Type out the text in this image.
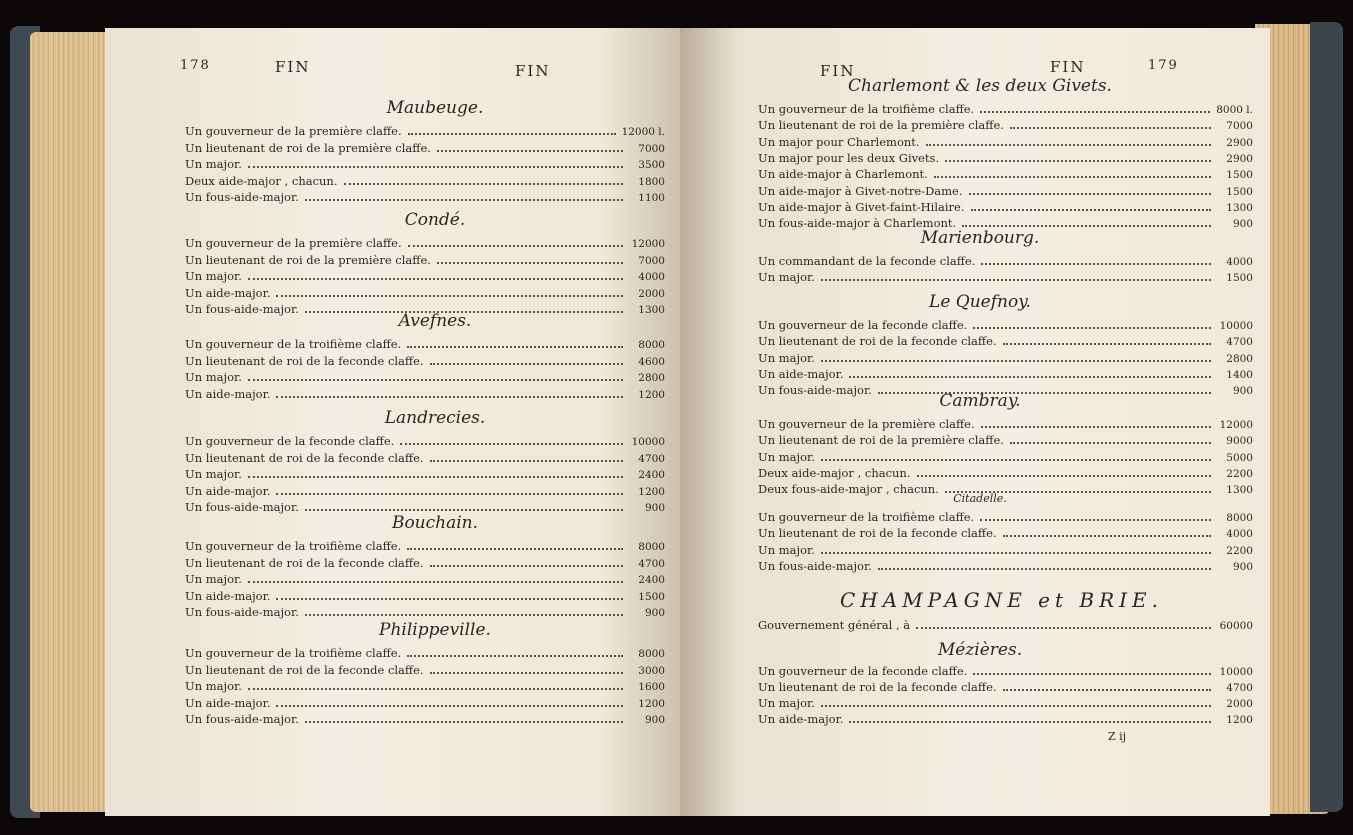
178	FIN	FIN
Maubeuge.
Un gouverneur de la première claffe.	12000 l.
Un lieutenant de roi de la première claffe.	7000
Un major.	3500
Deux aide-major , chacun.	1800
Un fous-aide-major.	1100
Condé.
Un gouverneur de la première claffe.	12000
Un lieutenant de roi de la première claffe.	7000
Un major.	4000
Un aide-major.	2000
Un fous-aide-major.	1300
Avefnes.
Un gouverneur de la troifième claffe.	8000
Un lieutenant de roi de la feconde claffe.	4600
Un major.	2800
Un aide-major.	1200
Landrecies.
Un gouverneur de la feconde claffe.	10000
Un lieutenant de roi de la feconde claffe.	4700
Un major.	2400
Un aide-major.	1200
Un fous-aide-major.	900
Bouchain.
Un gouverneur de la troifième claffe.	8000
Un lieutenant de roi de la feconde claffe.	4700
Un major.	2400
Un aide-major.	1500
Un fous-aide-major.	900
Philippeville.
Un gouverneur de la troifième claffe.	8000
Un lieutenant de roi de la feconde claffe.	3000
Un major.	1600
Un aide-major.	1200
Un fous-aide-major.	900
FIN	FIN	179
CHAMPAGNE et BRIE.
Z ij
Charlemont & les deux Givets.
Un gouverneur de la troifième claffe.	8000 l.
Un lieutenant de roi de la première claffe.	7000
Un major pour Charlemont.	2900
Un major pour les deux Givets.	2900
Un aide-major à Charlemont.	1500
Un aide-major à Givet-notre-Dame.	1500
Un aide-major à Givet-faint-Hilaire.	1300
Un fous-aide-major à Charlemont.	900
Marienbourg.
Un commandant de la feconde claffe.	4000
Un major.	1500
Le Quefnoy.
Un gouverneur de la feconde claffe.	10000
Un lieutenant de roi de la feconde claffe.	4700
Un major.	2800
Un aide-major.	1400
Un fous-aide-major.	900
Cambray.
Un gouverneur de la première claffe.	12000
Un lieutenant de roi de la première claffe.	9000
Un major.	5000
Deux aide-major , chacun.	2200
Deux fous-aide-major , chacun.	1300
Citadelle.
Un gouverneur de la troifième claffe.	8000
Un lieutenant de roi de la feconde claffe.	4000
Un major.	2200
Un fous-aide-major.	900
Gouvernement général , à	60000
Mézières.
Un gouverneur de la feconde claffe.	10000
Un lieutenant de roi de la feconde claffe.	4700
Un major.	2000
Un aide-major.	1200
